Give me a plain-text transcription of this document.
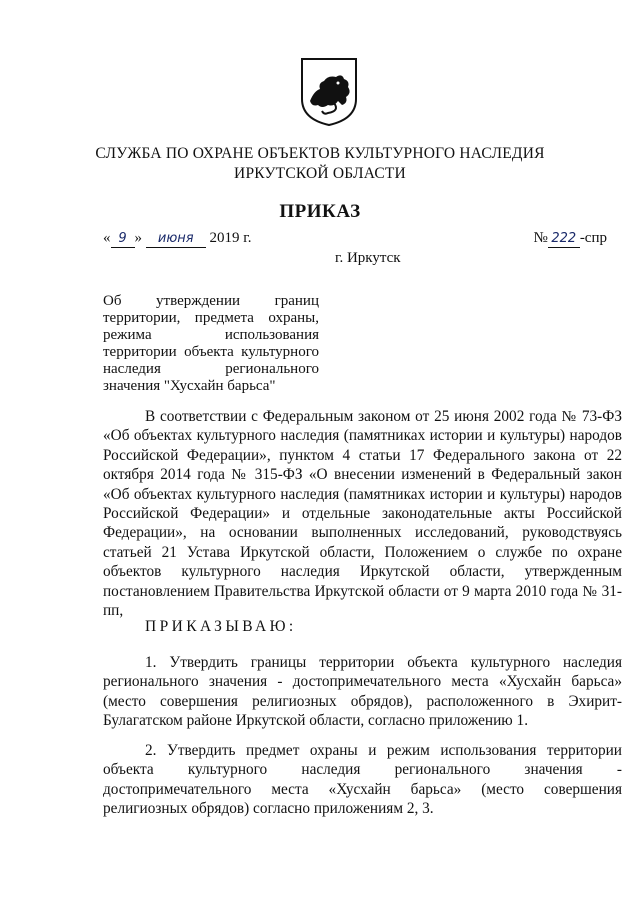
СЛУЖБА ПО ОХРАНЕ ОБЪЕКТОВ КУЛЬТУРНОГО НАСЛЕДИЯ
ИРКУТСКОЙ ОБЛАСТИ
ПРИКАЗ
« 9 » июня 2019 г.	№ 222 -спр
г. Иркутск
Об утверждении границ
территории, предмета охраны,
режима использования
территории объекта культурного
наследия регионального
значения "Хусхайн барьса"
В соответствии с Федеральным законом от 25 июня 2002 года № 73-ФЗ «Об объектах культурного наследия (памятниках истории и культуры) народов Российской Федерации», пунктом 4 статьи 17 Федерального закона от 22 октября 2014 года № 315-ФЗ «О внесении изменений в Федеральный закон «Об объектах культурного наследия (памятниках истории и культуры) народов Российской Федерации» и отдельные законодательные акты Российской Федерации», на основании выполненных исследований, руководствуясь статьей 21 Устава Иркутской области, Положением о службе по охране объектов культурного наследия Иркутской области, утвержденным постановлением Правительства Иркутской области от 9 марта 2010 года № 31-пп,
ПРИКАЗЫВАЮ:
1. Утвердить границы территории объекта культурного наследия регионального значения - достопримечательного места «Хусхайн барьса» (место совершения религиозных обрядов), расположенного в Эхирит-Булагатском районе Иркутской области, согласно приложению 1.
2. Утвердить предмет охраны и режим использования территории объекта культурного наследия регионального значения - достопримечательного места «Хусхайн барьса» (место совершения религиозных обрядов) согласно приложениям 2, 3.
